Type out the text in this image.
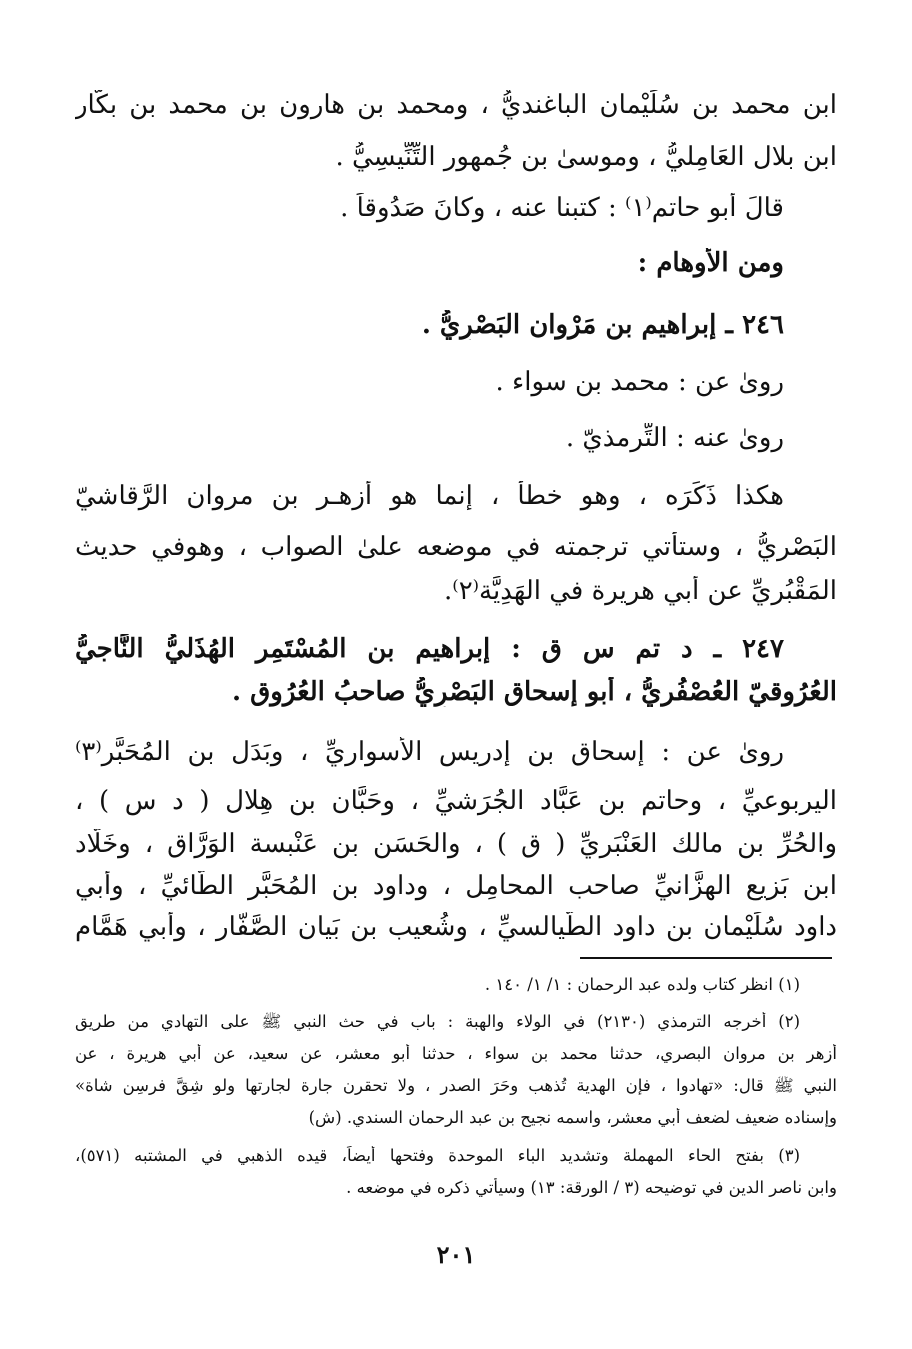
ابن محمد بن سُلَيْمان الباغنديُّ ، ومحمد بنِ هارون بن محمد بن بكّار
ابن بلال العَامِليُّ ، وموسىٰ بن جُمهور التِّنِّيسِيُّ .
قالَ أبو حاتم⁽١⁾ : كتبنا عنه ، وكانَ صَدُوقاً .
ومن الأوهام :
٢٤٦ ـ إبراهيم بن مَرْوان البَصْرِيُّ .
روىٰ عن : محمد بن سواء .
روىٰ عنه : التِّرمذيّ .
هكذا ذَكَرَه ، وهو خطأ ، إنما هو أزهـر بن مروان الرَّقاشيّ
البَصْريُّ ، وستأتي ترجمته في موضعه علىٰ الصواب ، وهوفي حديث
المَقْبُريِّ عن أبي هريرة في الهَدِيَّة⁽٢⁾.
٢٤٧ ـ د تم س ق : إبراهيم بن المُسْتَمِر الهُذَليُّ النَّاجيُّ
العُرُوقيّ العُصْفُريُّ ، أبو إسحاق البَصْرِيُّ صاحبُ العُرُوق .
روىٰ عن : إسحاق بن إدريس الأُسواريِّ ، وبَدَل بن المُحَبَّر⁽٣⁾
اليربوعيِّ ، وحاتم بن عَبَّاد الجُرَشيِّ ، وحَبَّان بن هِلال ( د س ) ،
والحُرِّ بن مالك العَنْبَرِيِّ ( ق ) ، والحَسَن بن عَنْبسة الوَرَّاقِ ، وخَلَّاد
ابن بَزِيع الهِزَّانيِّ صاحب المحامِل ، وداود بن المُحَبَّرِ الطَّائيِّ ، وأبي
داود سُلَيْمان بن داود الطَّيالسيِّ ، وشُعيب بن بَيان الصَّفَّار ، وأبي هَمَّام
(١) انظر كتاب ولده عبد الرحمان : ١/ ١/ ١٤٠ .
(٢) أخرجه الترمذي (٢١٣٠) في الولاء والهبة : باب في حث النبي ﷺ على التهادي من طريق
أزهر بن مروان البصري، حدثنا محمد بن سواء ، حدثنا أبو معشر، عن سعيد، عن أبي هريرة ، عن
النبي ﷺ قال: «تهادوا ، فإن الهدية تُذهب وحَرَ الصدر ، ولا تحقرن جارة لجارتها ولو شِقَّ فرسِن شاة»
وإسناده ضعيف لضعف أبي معشر، واسمه نجيح بن عبد الرحمان السندي. (ش)
(٣) بفتح الحاء المهملة وتشديد الباء الموحدة وفتحها أيضاً، قيده الذهبي في المشتبه (٥٧١)،
وابن ناصر الدين في توضيحه (٣ / الورقة: ١٣) وسيأتي ذكره في موضعه .
٢٠١
